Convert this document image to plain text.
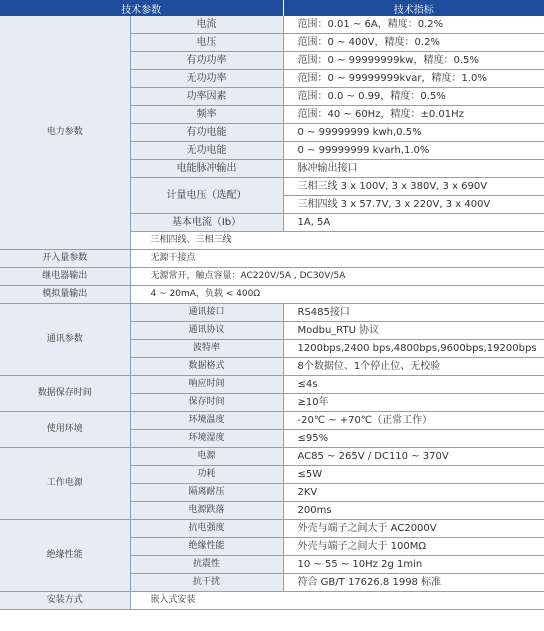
技术参数		技术指标
电力参数	电流	范围：0.01 ~ 6A，精度：0.2%
	电压	范围：0 ~ 400V，精度：0.2%
	有功功率	范围：0 ~ 99999999kw，精度：0.5%
	无功功率	范围：0 ~ 99999999kvar，精度：1.0%
	功率因素	范围：0.0 ~ 0.99，精度：0.5%
	频率	范围：40 ~ 60Hz，精度：±0.01Hz
	有功电能	0 ~ 99999999 kwh,0.5%
	无功电能	0 ~ 99999999 kvarh,1.0%
	电能脉冲输出	脉冲输出接口
	计量电压（选配）	三相三线 3 x 100V, 3 x 380V, 3 x 690V
		三相四线 3 x 57.7V, 3 x 220V, 3 x 400V
	基本电流（Ib）	1A, 5A
	三相四线、三相三线	
开入量参数	无源干接点	
继电器输出	无源常开，触点容量：AC220V/5A , DC30V/5A	
模拟量输出	4 ~ 20mA，负载 < 400Ω	
通讯参数	通讯接口	RS485接口
	通讯协议	Modbu_RTU 协议
	波特率	1200bps,2400 bps,4800bps,9600bps,19200bps
	数据格式	8个数据位、1个停止位、无校验
数据保存时间	响应时间	≤4s
	保存时间	≥10年
使用环境	环境温度	-20℃ ~ +70℃（正常工作）
	环境湿度	≤95%
工作电源	电源	AC85 ~ 265V / DC110 ~ 370V
	功耗	≤5W
	隔离耐压	2KV
	电源跌落	200ms
绝缘性能	抗电强度	外壳与端子之间大于 AC2000V
	绝缘性能	外壳与端子之间大于 100MΩ
	抗震性	10 ~ 55 ~ 10Hz 2g 1min
	抗干扰	符合 GB/T 17626.8 1998 标准
安装方式	嵌入式安装	
